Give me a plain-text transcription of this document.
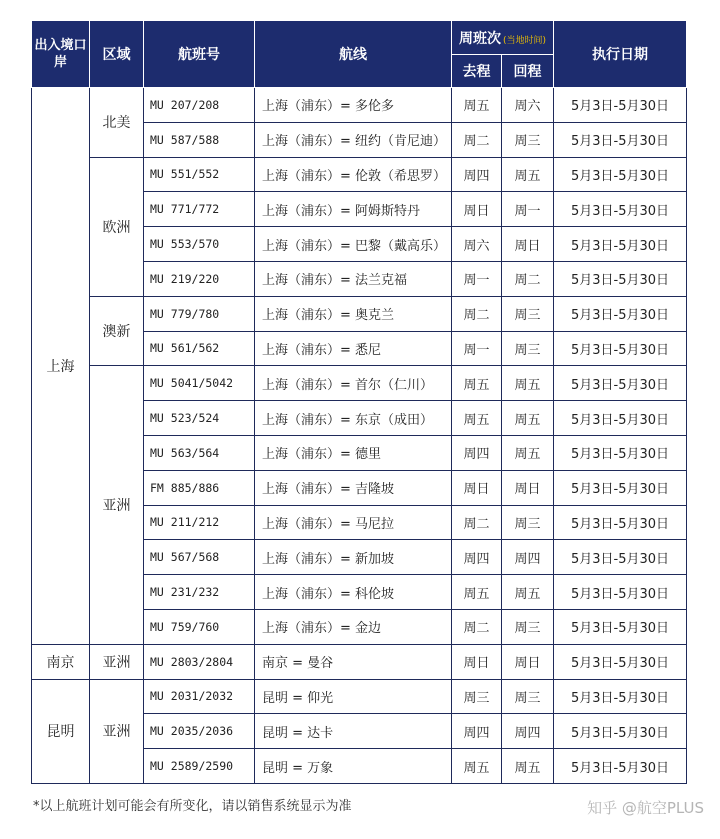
出入境口岸	区域	航班号	航线	周班次 (当地时间)		执行日期
				去程	回程	
上海	北美	MU 207/208	上海（浦东）= 多伦多	周五	周六	5月3日-5月30日
		MU 587/588	上海（浦东）= 纽约（肯尼迪）	周二	周三	5月3日-5月30日
	欧洲	MU 551/552	上海（浦东）= 伦敦（希思罗）	周四	周五	5月3日-5月30日
		MU 771/772	上海（浦东）= 阿姆斯特丹	周日	周一	5月3日-5月30日
		MU 553/570	上海（浦东）= 巴黎（戴高乐）	周六	周日	5月3日-5月30日
		MU 219/220	上海（浦东）= 法兰克福	周一	周二	5月3日-5月30日
	澳新	MU 779/780	上海（浦东）= 奥克兰	周二	周三	5月3日-5月30日
		MU 561/562	上海（浦东）= 悉尼	周一	周三	5月3日-5月30日
	亚洲	MU 5041/5042	上海（浦东）= 首尔（仁川）	周五	周五	5月3日-5月30日
		MU 523/524	上海（浦东）= 东京（成田）	周五	周五	5月3日-5月30日
		MU 563/564	上海（浦东）= 德里	周四	周五	5月3日-5月30日
		FM 885/886	上海（浦东）= 吉隆坡	周日	周日	5月3日-5月30日
		MU 211/212	上海（浦东）= 马尼拉	周二	周三	5月3日-5月30日
		MU 567/568	上海（浦东）= 新加坡	周四	周四	5月3日-5月30日
		MU 231/232	上海（浦东）= 科伦坡	周五	周五	5月3日-5月30日
		MU 759/760	上海（浦东）= 金边	周二	周三	5月3日-5月30日
南京	亚洲	MU 2803/2804	南京 = 曼谷	周日	周日	5月3日-5月30日
昆明	亚洲	MU 2031/2032	昆明 = 仰光	周三	周三	5月3日-5月30日
		MU 2035/2036	昆明 = 达卡	周四	周四	5月3日-5月30日
		MU 2589/2590	昆明 = 万象	周五	周五	5月3日-5月30日
*以上航班计划可能会有所变化，请以销售系统显示为准	知乎 @航空PLUS
